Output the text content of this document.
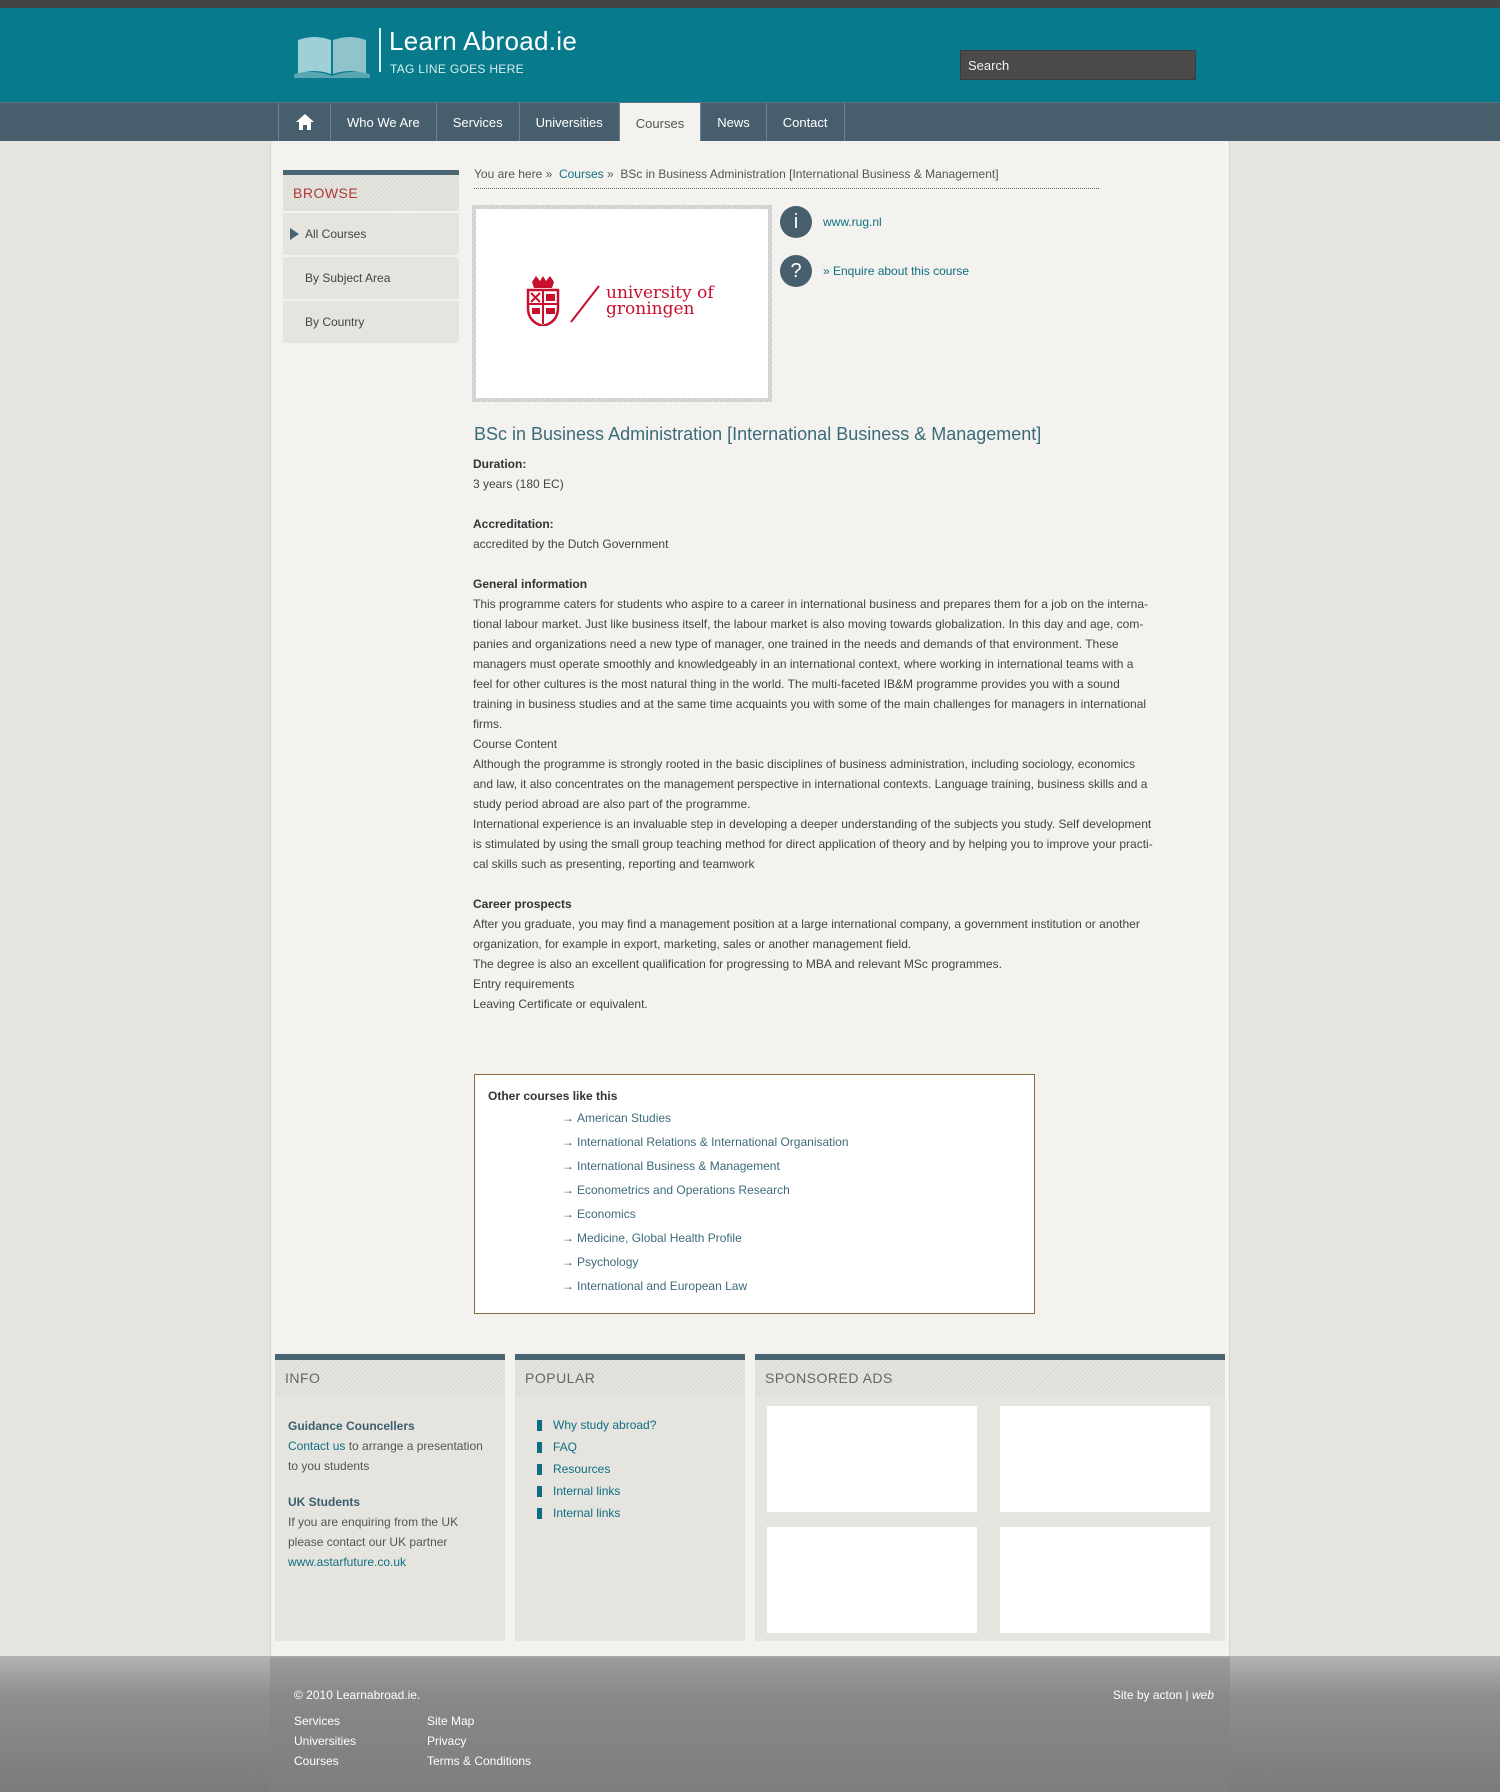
Learn Abroad.ie
TAG LINE GOES HERE
Search
Who We Are	Services	Universities	Courses	News	Contact
BROWSE
All Courses
By Subject Area
By Country
You are here » Courses » BSc in Business Administration [International Business & Management]
university of
groningen
i	www.rug.nl
?	» Enquire about this course
BSc in Business Administration [International Business & Management]
Duration:
3 years (180 EC)
Accreditation:
accredited by the Dutch Government
General information
This programme caters for students who aspire to a career in international business and prepares them for a job on the interna-
tional labour market. Just like business itself, the labour market is also moving towards globalization. In this day and age, com-
panies and organizations need a new type of manager, one trained in the needs and demands of that environment. These
managers must operate smoothly and knowledgeably in an international context, where working in international teams with a
feel for other cultures is the most natural thing in the world. The multi-faceted IB&M programme provides you with a sound
training in business studies and at the same time acquaints you with some of the main challenges for managers in international
firms.
Course Content
Although the programme is strongly rooted in the basic disciplines of business administration, including sociology, economics
and law, it also concentrates on the management perspective in international contexts. Language training, business skills and a
study period abroad are also part of the programme.
International experience is an invaluable step in developing a deeper understanding of the subjects you study. Self development
is stimulated by using the small group teaching method for direct application of theory and by helping you to improve your practi-
cal skills such as presenting, reporting and teamwork
Career prospects
After you graduate, you may find a management position at a large international company, a government institution or another
organization, for example in export, marketing, sales or another management field.
The degree is also an excellent qualification for progressing to MBA and relevant MSc programmes.
Entry requirements
Leaving Certificate or equivalent.
Other courses like this
→ American Studies
→ International Relations & International Organisation
→ International Business & Management
→ Econometrics and Operations Research
→ Economics
→ Medicine, Global Health Profile
→ Psychology
→ International and European Law
INFO
Guidance Councellers
Contact us to arrange a presentation
to you students
UK Students
If you are enquiring from the UK
please contact our UK partner
www.astarfuture.co.uk
POPULAR
Why study abroad?
FAQ
Resources
Internal links
Internal links
SPONSORED ADS
© 2010 Learnabroad.ie.	Site by acton | web
Services
Universities
Courses
Site Map
Privacy
Terms & Conditions
